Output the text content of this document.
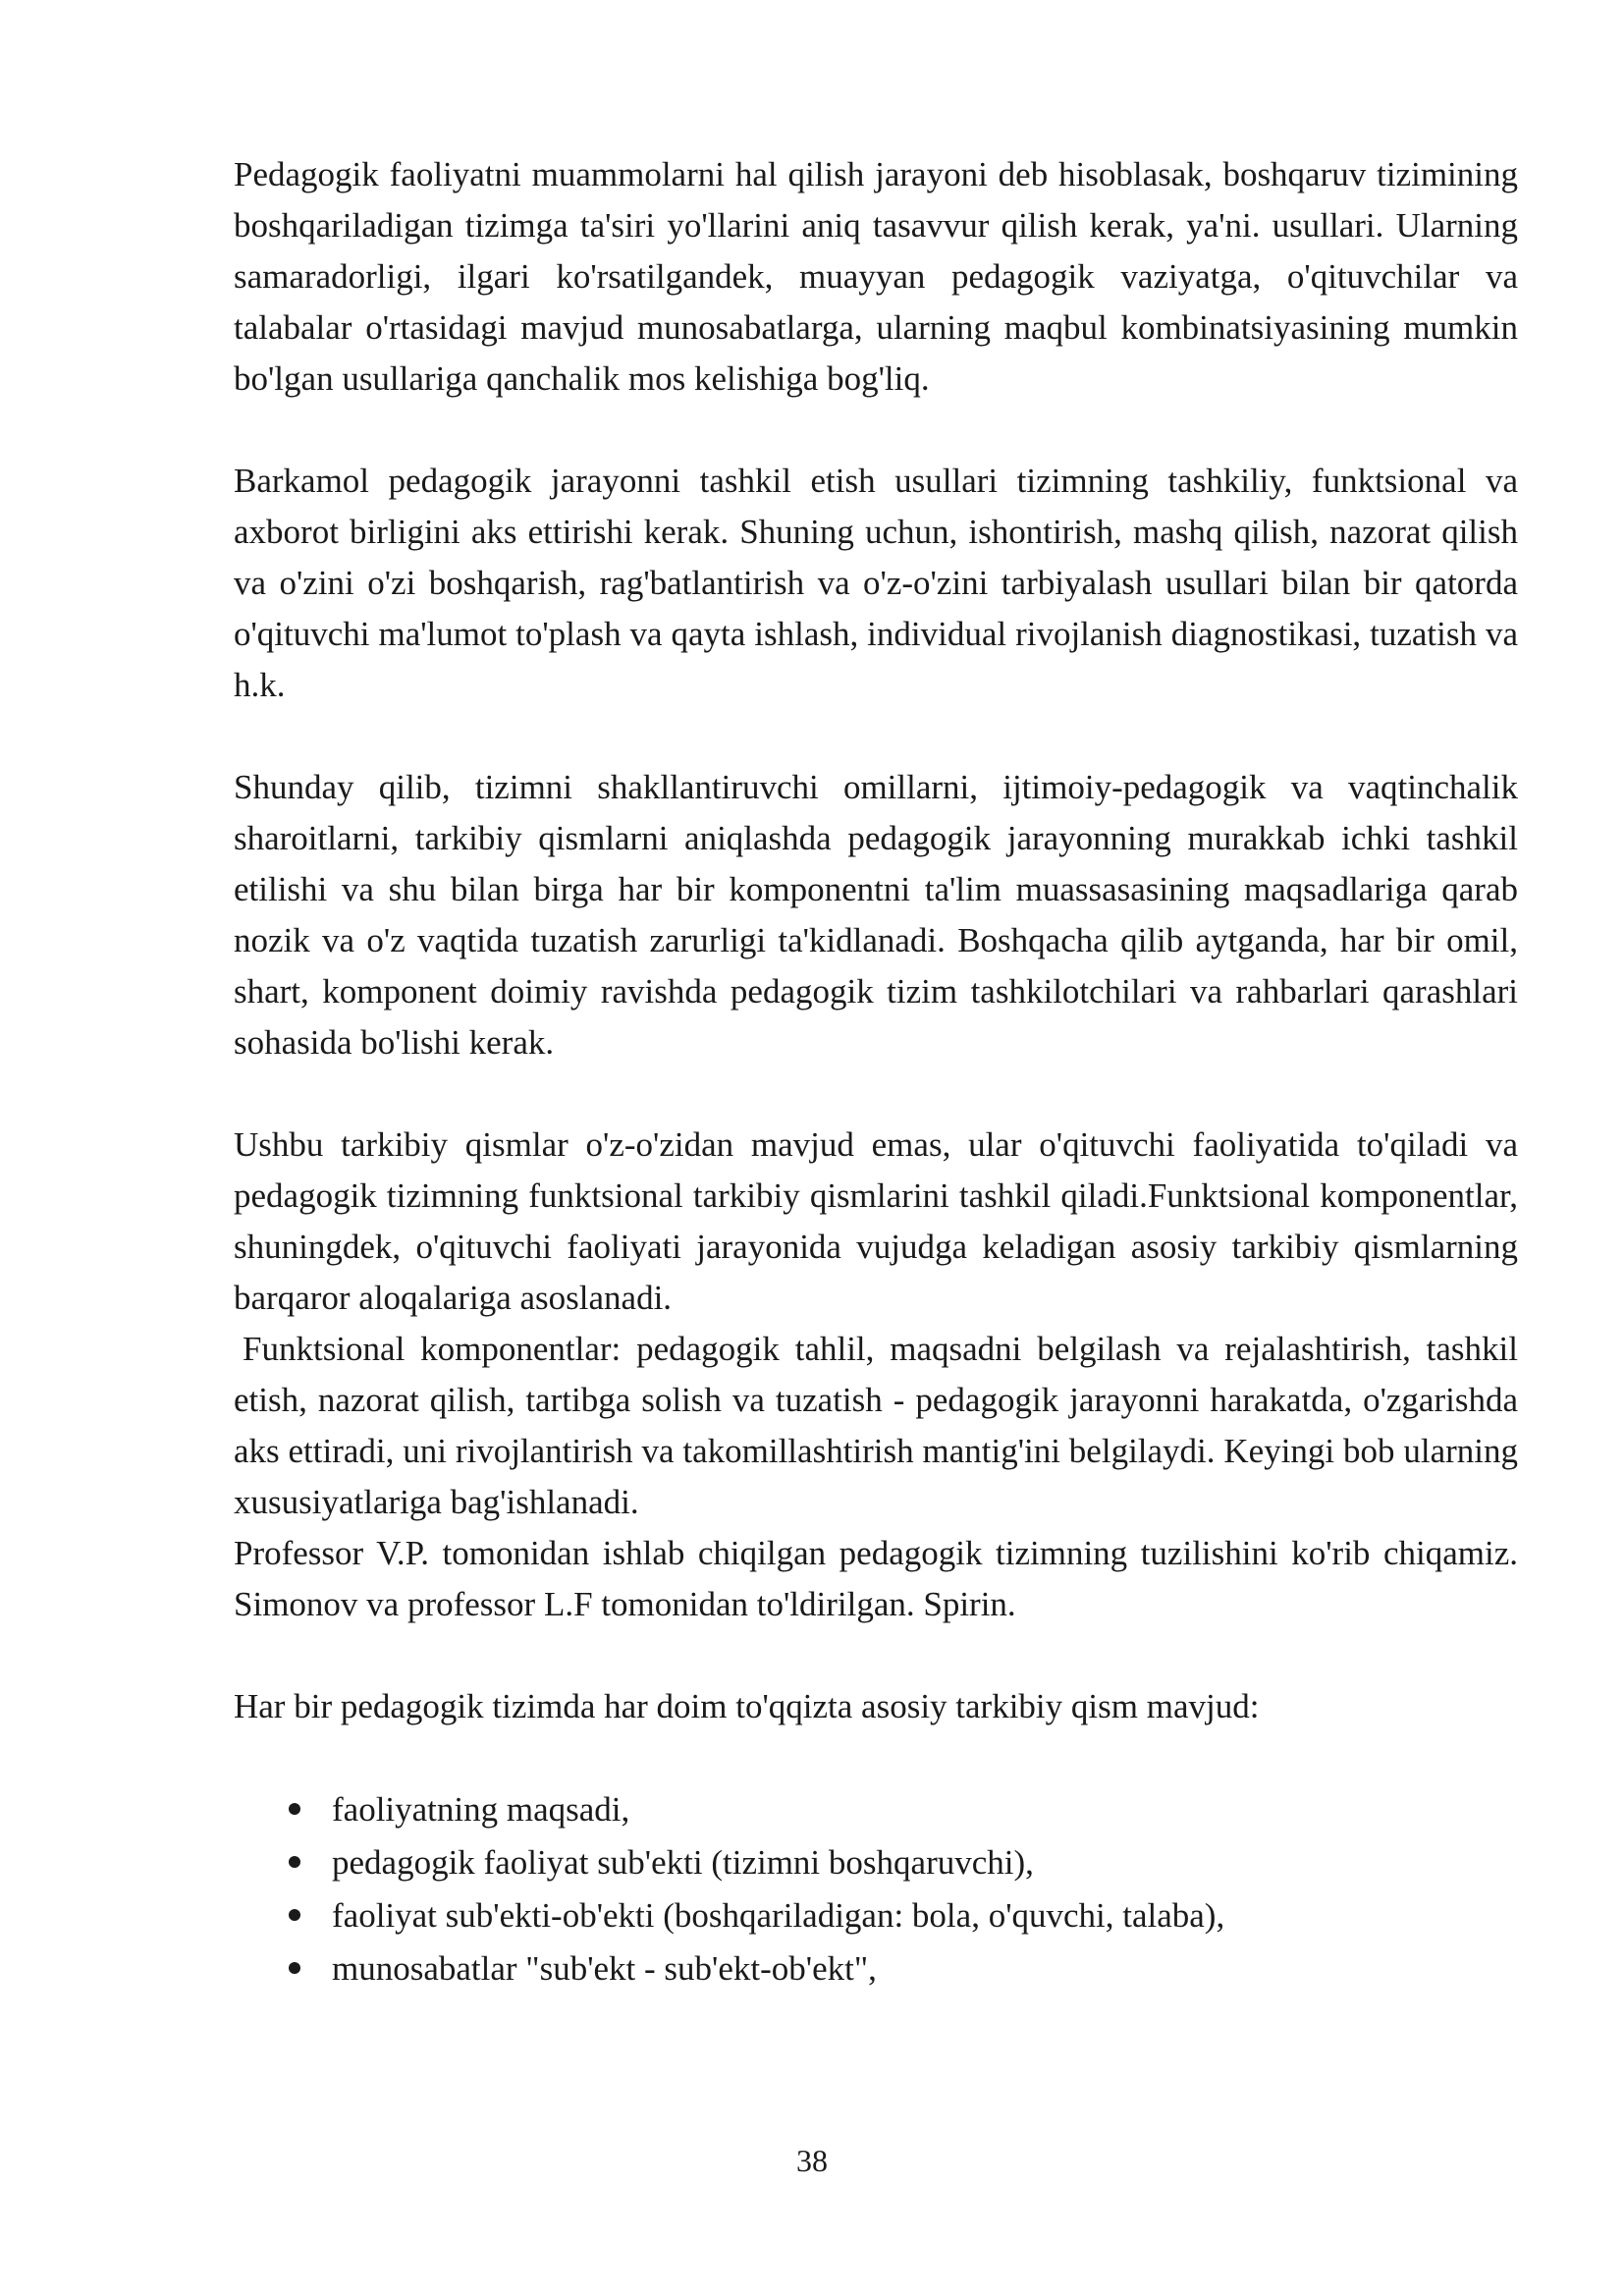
Pedagogik faoliyatni muammolarni hal qilish jarayoni deb hisoblasak, boshqaruv tizimining boshqariladigan tizimga ta'siri yo'llarini aniq tasavvur qilish kerak, ya'ni. usullari. Ularning samaradorligi, ilgari ko'rsatilgandek, muayyan pedagogik vaziyatga, o'qituvchilar va talabalar o'rtasidagi mavjud munosabatlarga, ularning maqbul kombinatsiyasining mumkin bo'lgan usullariga qanchalik mos kelishiga bog'liq.

Barkamol pedagogik jarayonni tashkil etish usullari tizimning tashkiliy, funktsional va axborot birligini aks ettirishi kerak. Shuning uchun, ishontirish, mashq qilish, nazorat qilish va o'zini o'zi boshqarish, rag'batlantirish va o'z-o'zini tarbiyalash usullari bilan bir qatorda o'qituvchi ma'lumot to'plash va qayta ishlash, individual rivojlanish diagnostikasi, tuzatish va h.k.

Shunday qilib, tizimni shakllantiruvchi omillarni, ijtimoiy-pedagogik va vaqtinchalik sharoitlarni, tarkibiy qismlarni aniqlashda pedagogik jarayonning murakkab ichki tashkil etilishi va shu bilan birga har bir komponentni ta'lim muassasasining maqsadlariga qarab nozik va o'z vaqtida tuzatish zarurligi ta'kidlanadi. Boshqacha qilib aytganda, har bir omil, shart, komponent doimiy ravishda pedagogik tizim tashkilotchilari va rahbarlari qarashlari sohasida bo'lishi kerak.

Ushbu tarkibiy qismlar o'z-o'zidan mavjud emas, ular o'qituvchi faoliyatida to'qiladi va pedagogik tizimning funktsional tarkibiy qismlarini tashkil qiladi.Funktsional komponentlar, shuningdek, o'qituvchi faoliyati jarayonida vujudga keladigan asosiy tarkibiy qismlarning barqaror aloqalariga asoslanadi.

Funktsional komponentlar: pedagogik tahlil, maqsadni belgilash va rejalashtirish, tashkil etish, nazorat qilish, tartibga solish va tuzatish - pedagogik jarayonni harakatda, o'zgarishda aks ettiradi, uni rivojlantirish va takomillashtirish mantig'ini belgilaydi. Keyingi bob ularning xususiyatlariga bag'ishlanadi.

Professor V.P. tomonidan ishlab chiqilgan pedagogik tizimning tuzilishini ko'rib chiqamiz. Simonov va professor L.F tomonidan to'ldirilgan. Spirin.

Har bir pedagogik tizimda har doim to'qqizta asosiy tarkibiy qism mavjud:

faoliyatning maqsadi,
pedagogik faoliyat sub'ekti (tizimni boshqaruvchi),
faoliyat sub'ekti-ob'ekti (boshqariladigan: bola, o'quvchi, talaba),
munosabatlar "sub'ekt - sub'ekt-ob'ekt",
38
